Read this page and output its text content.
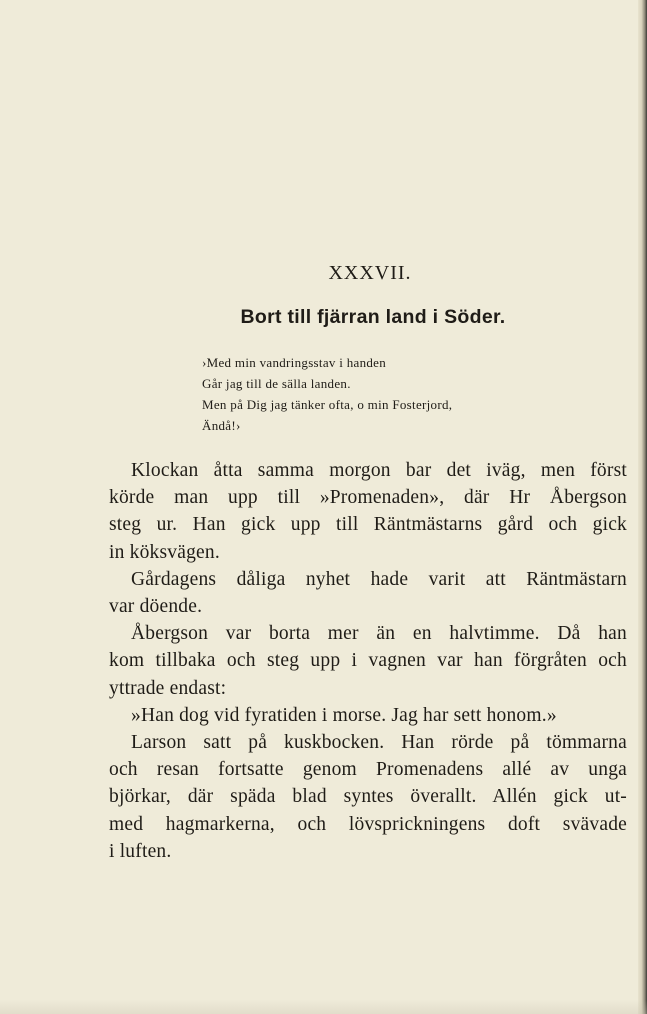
XXXVII.
Bort till fjärran land i Söder.
›Med min vandringsstav i handen
Går jag till de sälla landen.
Men på Dig jag tänker ofta, o min Fosterjord,
Ändå!›
Klockan åtta samma morgon bar det iväg, men först
körde man upp till »Promenaden», där Hr Åbergson
steg ur. Han gick upp till Räntmästarns gård och gick
in köksvägen.
Gårdagens dåliga nyhet hade varit att Räntmästarn
var döende.
Åbergson var borta mer än en halvtimme. Då han
kom tillbaka och steg upp i vagnen var han förgråten och
yttrade endast:
»Han dog vid fyratiden i morse. Jag har sett honom.»
Larson satt på kuskbocken. Han rörde på tömmarna
och resan fortsatte genom Promenadens allé av unga
björkar, där späda blad syntes överallt. Allén gick ut-
med hagmarkerna, och lövsprickningens doft svävade
i luften.
